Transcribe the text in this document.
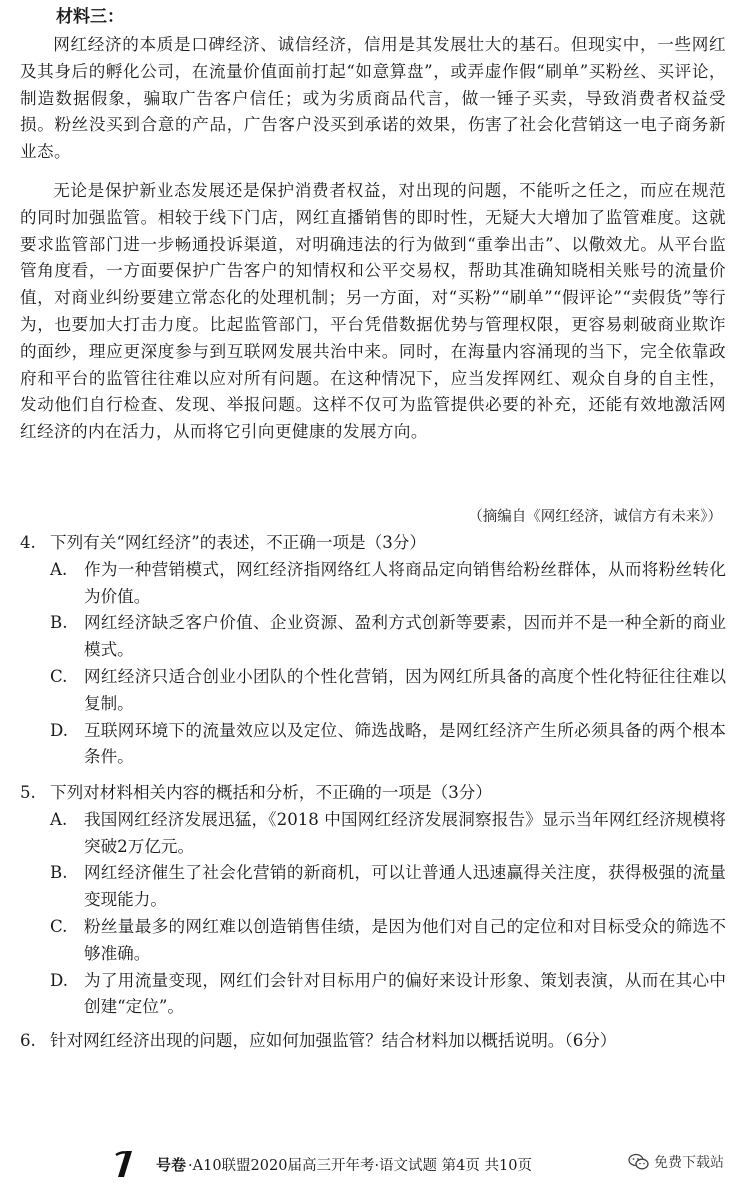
材料三：

网红经济的本质是口碑经济、诚信经济，信用是其发展壮大的基石。但现实中，一些网红及其身后的孵化公司，在流量价值面前打起“如意算盘”，或弄虚作假“刷单”买粉丝、买评论，制造数据假象，骗取广告客户信任；或为劣质商品代言，做一锤子买卖，导致消费者权益受损。粉丝没买到合意的产品，广告客户没买到承诺的效果，伤害了社会化营销这一电子商务新业态。

无论是保护新业态发展还是保护消费者权益，对出现的问题，不能听之任之，而应在规范的同时加强监管。相较于线下门店，网红直播销售的即时性，无疑大大增加了监管难度。这就要求监管部门进一步畅通投诉渠道，对明确违法的行为做到“重拳出击”、以儆效尤。从平台监管角度看，一方面要保护广告客户的知情权和公平交易权，帮助其准确知晓相关账号的流量价值，对商业纠纷要建立常态化的处理机制；另一方面，对“买粉”“刷单”“假评论”“卖假货”等行为，也要加大打击力度。比起监管部门，平台凭借数据优势与管理权限，更容易刺破商业欺诈的面纱，理应更深度参与到互联网发展共治中来。同时，在海量内容涌现的当下，完全依靠政府和平台的监管往往难以应对所有问题。在这种情况下，应当发挥网红、观众自身的自主性，发动他们自行检查、发现、举报问题。这样不仅可为监管提供必要的补充，还能有效地激活网红经济的内在活力，从而将它引向更健康的发展方向。

（摘编自《网红经济，诚信方有未来》）
4. 下列有关“网红经济”的表述，不正确一项是（3分）
A.	作为一种营销模式，网红经济指网络红人将商品定向销售给粉丝群体，从而将粉丝转化为价值。
B. 网红经济缺乏客户价值、企业资源、盈利方式创新等要素，因而并不是一种全新的商业模式。
C.	网红经济只适合创业小团队的个性化营销，因为网红所具备的高度个性化特征往往难以复制。
D. 互联网环境下的流量效应以及定位、筛选战略，是网红经济产生所必须具备的两个根本条件。
5. 下列对材料相关内容的概括和分析，不正确的一项是（3分）
A.	我国网红经济发展迅猛，《2018 中国网红经济发展洞察报告》显示当年网红经济规模将突破2万亿元。
B. 网红经济催生了社会化营销的新商机，可以让普通人迅速赢得关注度，获得极强的流量变现能力。
C.	粉丝量最多的网红难以创造销售佳绩，是因为他们对自己的定位和对目标受众的筛选不够准确。
D. 为了用流量变现，网红们会针对目标用户的偏好来设计形象、策划表演，从而在其心中创建“定位”。
6. 针对网红经济出现的问题，应如何加强监管？结合材料加以概括说明。（6分）
号卷 ·A10联盟2020届高三开年考·语文试题 第4页 共10页	免费下载站
